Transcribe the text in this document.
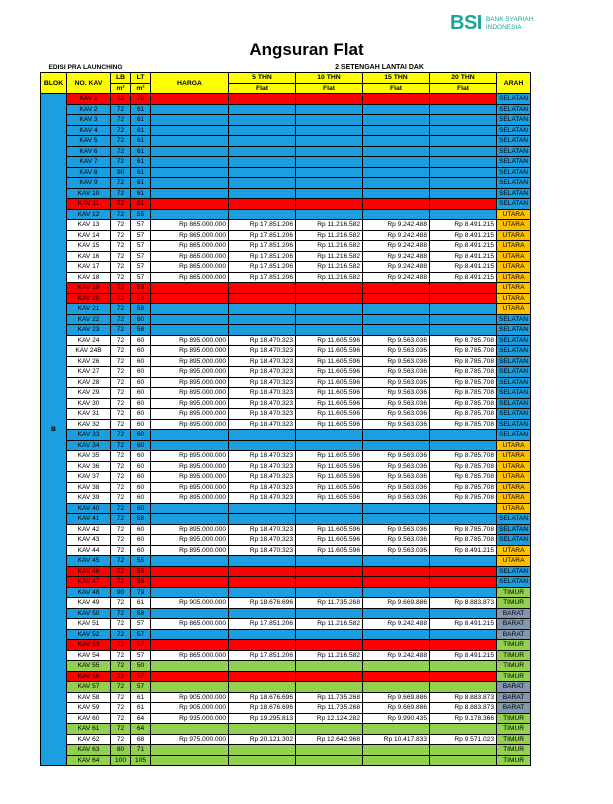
BSI BANK SYARIAH
INDONESIA
Angsuran Flat
EDISI PRA LAUNCHING					2 SETENGAH LANTAI DAK				
BLOK	NO. KAV	LB	LT	HARGA	5 THN	10 THN	15 THN	20 THN	ARAH
		m²	m²		Flat	Flat	Flat	Flat	
B	KAV 1	72	70						SELATAN
	KAV 2	72	61						SELATAN
	KAV 3	72	61						SELATAN
	KAV 4	72	61						SELATAN
	KAV 5	72	61						SELATAN
	KAV 6	72	61						SELATAN
	KAV 7	72	61						SELATAN
	KAV 8	90	61						SELATAN
	KAV 9	72	61						SELATAN
	KAV 10	72	61						SELATAN
	KAV 11	72	61						SELATAN
	KAV 12	72	55						UTARA
	KAV 13	72	57	Rp 865.000.000	Rp 17.851.206	Rp 11.216.582	Rp 9.242.488	Rp 8.491.215	UTARA
	KAV 14	72	57	Rp 865.000.000	Rp 17.851.206	Rp 11.216.582	Rp 9.242.488	Rp 8.491.215	UTARA
	KAV 15	72	57	Rp 865.000.000	Rp 17.851.206	Rp 11.216.582	Rp 9.242.488	Rp 8.491.215	UTARA
	KAV 16	72	57	Rp 865.000.000	Rp 17.851.206	Rp 11.216.582	Rp 9.242.488	Rp 8.491.215	UTARA
	KAV 17	72	57	Rp 865.000.000	Rp 17.851.206	Rp 11.216.582	Rp 9.242.488	Rp 8.491.215	UTARA
	KAV 18	72	57	Rp 865.000.000	Rp 17.851.206	Rp 11.216.582	Rp 9.242.488	Rp 8.491.215	UTARA
	KAV 19	72	58						UTARA
	KAV 20	72	58						UTARA
	KAV 21	72	58						UTARA
	KAV 22	72	60						SELATAN
	KAV 23	72	58						SELATAN
	KAV 24	72	60	Rp 895.000.000	Rp 18.470.323	Rp 11.605.596	Rp 9.563.036	Rp 8.785.708	SELATAN
	KAV 24B	72	60	Rp 895.000.000	Rp 18.470.323	Rp 11.605.596	Rp 9.563.036	Rp 8.785.708	SELATAN
	KAV 26	72	60	Rp 895.000.000	Rp 18.470.323	Rp 11.605.596	Rp 9.563.036	Rp 8.785.708	SELATAN
	KAV 27	72	60	Rp 895.000.000	Rp 18.470.323	Rp 11.605.596	Rp 9.563.036	Rp 8.785.708	SELATAN
	KAV 28	72	60	Rp 895.000.000	Rp 18.470.323	Rp 11.605.596	Rp 9.563.036	Rp 8.785.708	SELATAN
	KAV 29	72	60	Rp 895.000.000	Rp 18.470.323	Rp 11.605.596	Rp 9.563.036	Rp 8.785.708	SELATAN
	KAV 30	72	60	Rp 895.000.000	Rp 18.470.323	Rp 11.605.596	Rp 9.563.036	Rp 8.785.708	SELATAN
	KAV 31	72	60	Rp 895.000.000	Rp 18.470.323	Rp 11.605.596	Rp 9.563.036	Rp 8.785.708	SELATAN
	KAV 32	72	60	Rp 895.000.000	Rp 18.470.323	Rp 11.605.596	Rp 9.563.036	Rp 8.785.708	SELATAN
	KAV 33	72	60						SELATAN
	KAV 34	72	60						UTARA
	KAV 35	72	60	Rp 895.000.000	Rp 18.470.323	Rp 11.605.596	Rp 9.563.036	Rp 8.785.708	UTARA
	KAV 36	72	60	Rp 895.000.000	Rp 18.470.323	Rp 11.605.596	Rp 9.563.036	Rp 8.785.708	UTARA
	KAV 37	72	60	Rp 895.000.000	Rp 18.470.323	Rp 11.605.596	Rp 9.563.036	Rp 8.785.708	UTARA
	KAV 38	72	60	Rp 895.000.000	Rp 18.470.323	Rp 11.605.596	Rp 9.563.036	Rp 8.785.708	UTARA
	KAV 39	72	60	Rp 895.000.000	Rp 18.470.323	Rp 11.605.596	Rp 9.563.036	Rp 8.785.708	UTARA
	KAV 40	72	60						UTARA
	KAV 41	72	58						SELATAN
	KAV 42	72	60	Rp 895.000.000	Rp 18.470.323	Rp 11.605.596	Rp 9.563.036	Rp 8.785.708	SELATAN
	KAV 43	72	60	Rp 895.000.000	Rp 18.470.323	Rp 11.605.596	Rp 9.563.036	Rp 8.785.708	SELATAN
	KAV 44	72	60	Rp 895.000.000	Rp 18.470.323	Rp 11.605.596	Rp 9.563.036	Rp 8.491.215	UTARA
	KAV 45	72	55						UTARA
	KAV 46	72	56						SELATAN
	KAV 47	72	56						SELATAN
	KAV 48	90	79						TIMUR
	KAV 49	72	61	Rp 905.000.000	Rp 18.676.696	Rp 11.735.268	Rp 9.669.886	Rp 8.883.873	TIMUR
	KAV 50	72	58						BARAT
	KAV 51	72	57	Rp 865.000.000	Rp 17.851.206	Rp 11.216.582	Rp 9.242.488	Rp 8.491.215	BARAT
	KAV 52	72	57						BARAT
	KAV 53	72	57						TIMUR
	KAV 54	72	57	Rp 865.000.000	Rp 17.851.206	Rp 11.216.582	Rp 9.242.488	Rp 8.491.215	TIMUR
	KAV 55	72	50						TIMUR
	KAV 56	72	57						TIMUR
	KAV 57	72	57						BARAT
	KAV 58	72	61	Rp 905.000.000	Rp 18.676.696	Rp 11.735.268	Rp 9.669.886	Rp 8.883.873	BARAT
	KAV 59	72	61	Rp 905.000.000	Rp 18.676.696	Rp 11.735.268	Rp 9.669.886	Rp 8.883.873	BARAT
	KAV 60	72	64	Rp 935.000.000	Rp 19.295.813	Rp 12.124.282	Rp 9.990.435	Rp 9.178.366	TIMUR
	KAV 61	72	64						TIMUR
	KAV 62	72	68	Rp 975.000.000	Rp 20.121.302	Rp 12.642.968	Rp 10.417.833	Rp 9.571.023	TIMUR
	KAV 63	80	71						TIMUR
	KAV 64	100	105						TIMUR
